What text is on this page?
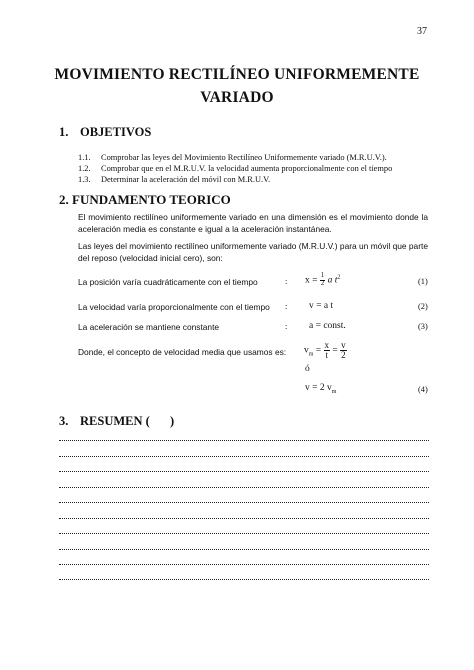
37
MOVIMIENTO RECTILÍNEO UNIFORMEMENTE
VARIADO
1. OBJETIVOS
1.1. Comprobar las leyes del Movimiento Rectilíneo Uniformemente variado (M.R.U.V.).
1.2. Comprobar que en el M.R.U.V. la velocidad aumenta proporcionalmente con el tiempo
1.3. Determinar la aceleración del móvil con M.R.U.V.
2. FUNDAMENTO TEORICO
El movimiento rectilíneo uniformemente variado en una dimensión es el movimiento donde la aceleración media es constante e igual a la aceleración instantánea.
Las leyes del movimiento rectilíneo uniformemente variado (M.R.U.V.) para un móvil que parte del reposo (velocidad inicial cero), son:
La posición varía cuadráticamente con el tiempo	: $x = \frac{1}{2}$ a $t^2$	(1)
La velocidad varía proporcionalmente con el tiempo : v = a t	(2)
La aceleración se mantiene constante	: a = const.	(3)
Donde, el concepto de velocidad media que usamos es: $v_m = \frac{x}{t} = \frac{v}{2}$
ó
v = 2 $v_m$	(4)
3. RESUMEN ( )
